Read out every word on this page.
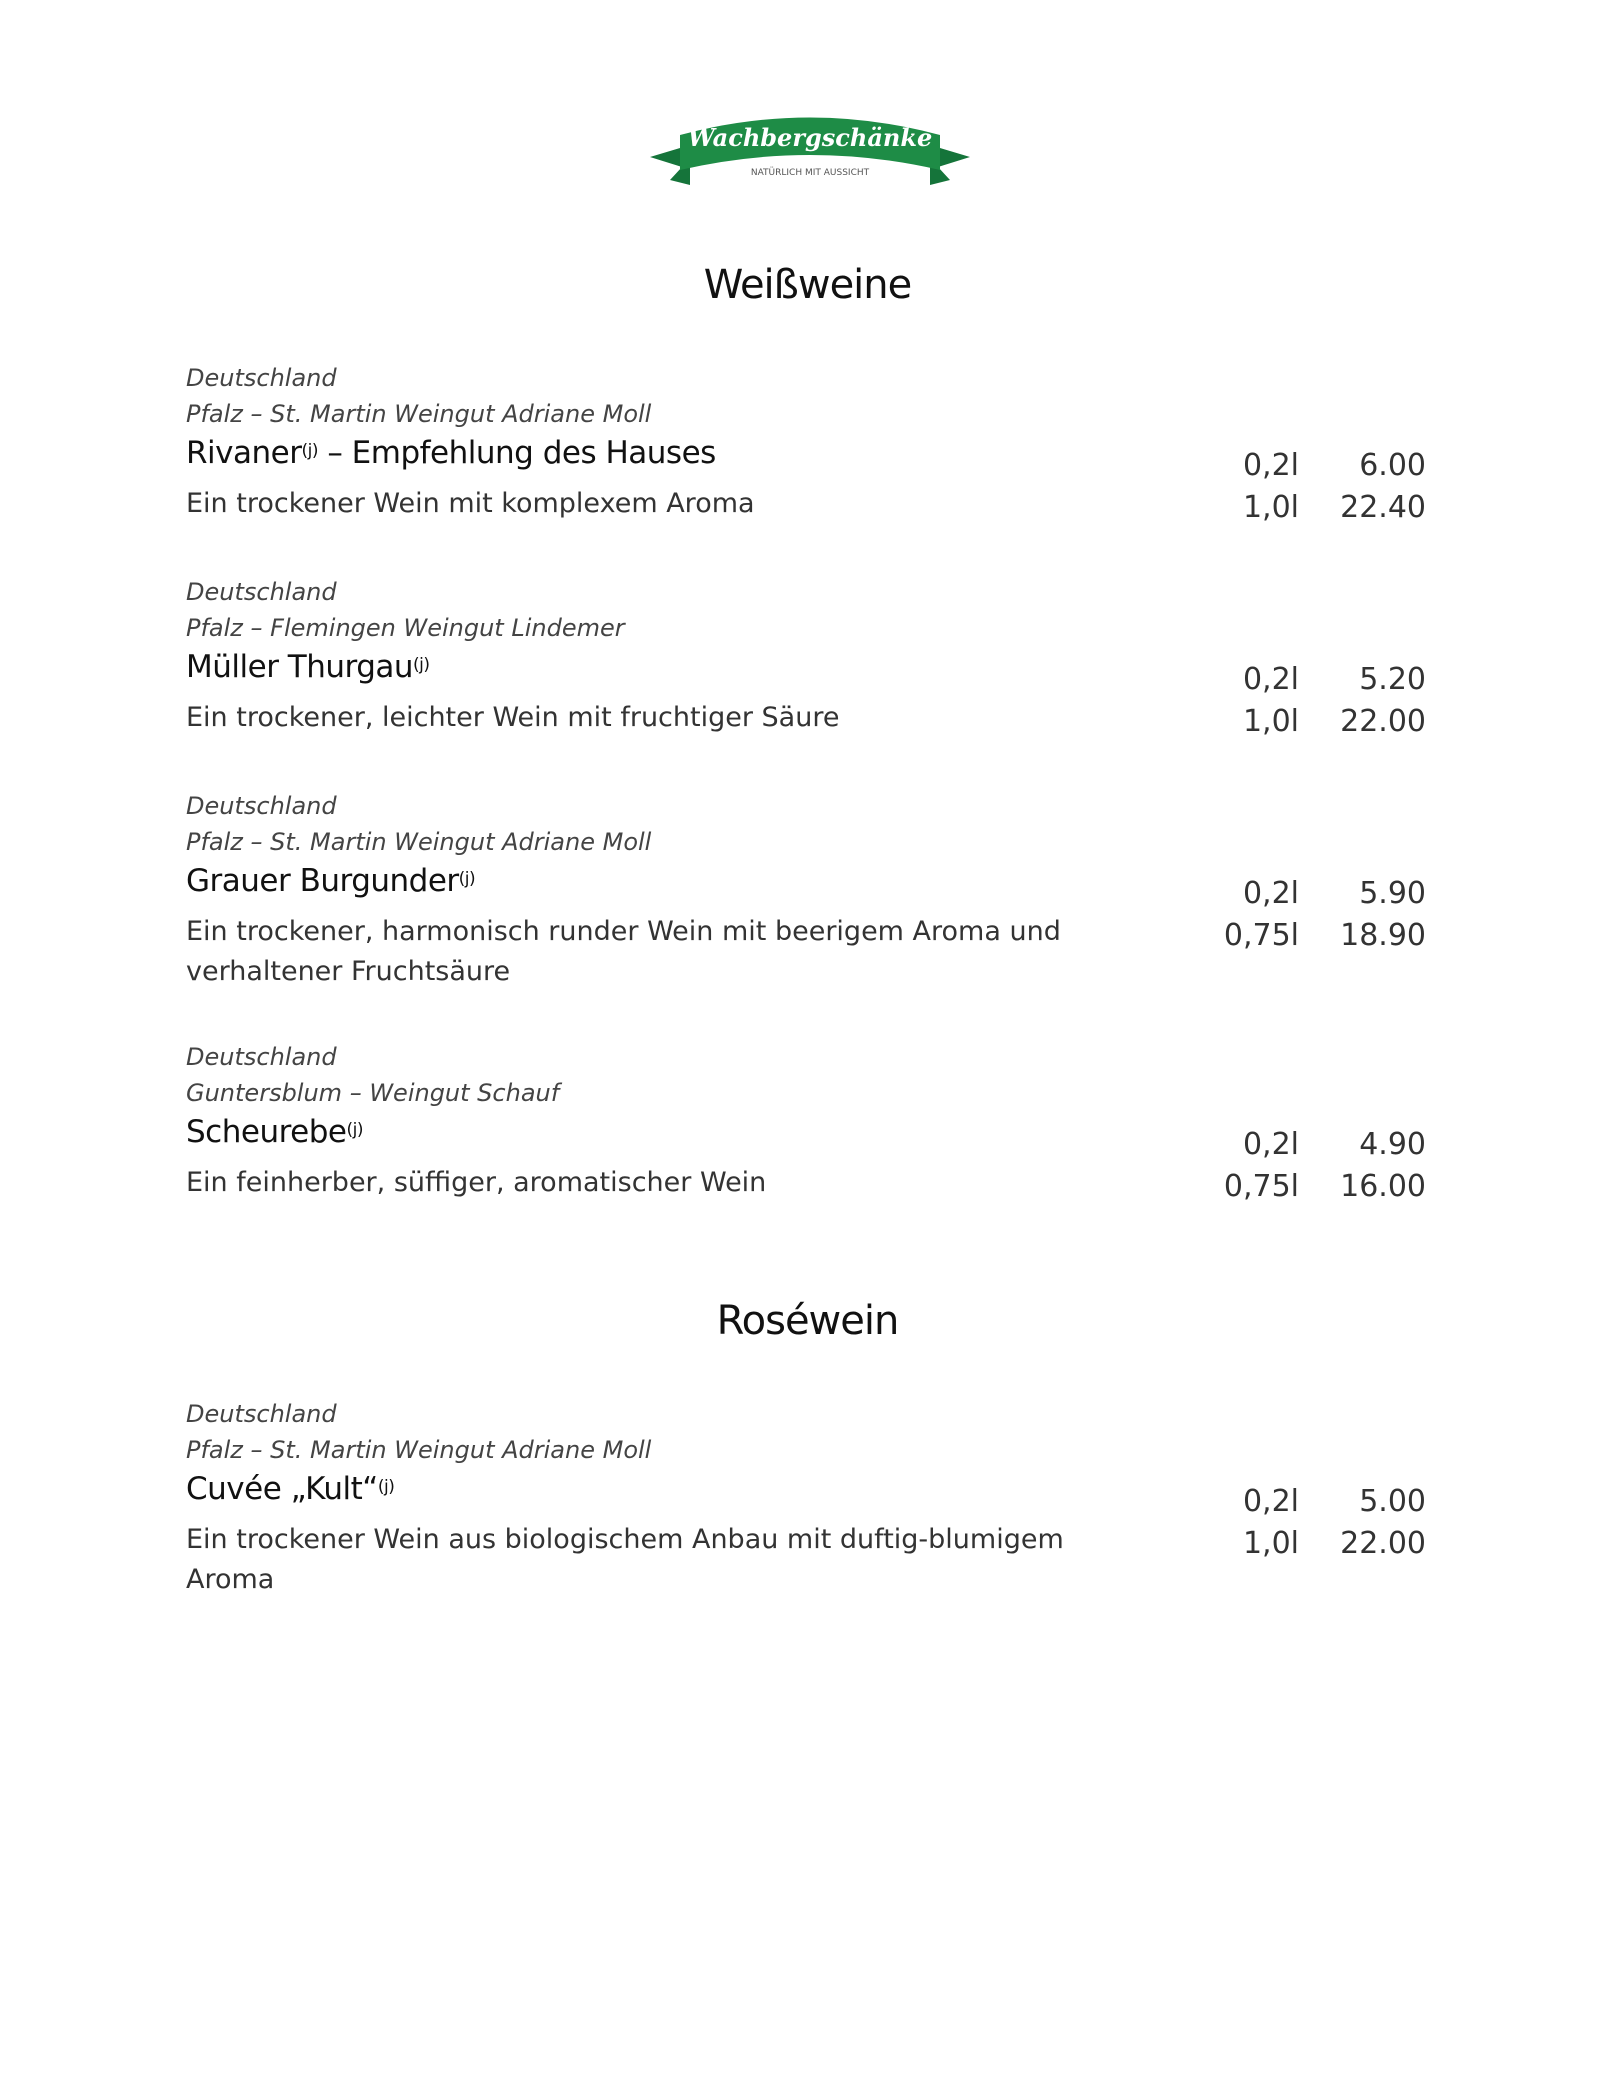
Wachbergschänke
NATÜRLICH MIT AUSSICHT
Weißweine

Deutschland

Pfalz – St. Martin Weingut Adriane Moll

Rivaner$^{(j)}$ – Empfehlung des Hauses

Ein trockener Wein mit komplexem Aroma

0,2l 6.00
1,0l 22.40

Deutschland

Pfalz – Flemingen Weingut Lindemer

Müller Thurgau$^{(j)}$

Ein trockener, leichter Wein mit fruchtiger Säure

0,2l 5.20
1,0l 22.00

Deutschland

Pfalz – St. Martin Weingut Adriane Moll

Grauer Burgunder$^{(j)}$

Ein trockener, harmonisch runder Wein mit beerigem Aroma und verhaltener Fruchtsäure

0,2l 5.90
0,75l 18.90

Deutschland

Guntersblum – Weingut Schauf

Scheurebe$^{(j)}$

Ein feinherber, süffiger, aromatischer Wein

0,2l 4.90
0,75l 16.00
Roséwein

Deutschland

Pfalz – St. Martin Weingut Adriane Moll

Cuvée „Kult“$^{(j)}$

Ein trockener Wein aus biologischem Anbau mit duftig-blumigem Aroma

0,2l 5.00
1,0l 22.00
